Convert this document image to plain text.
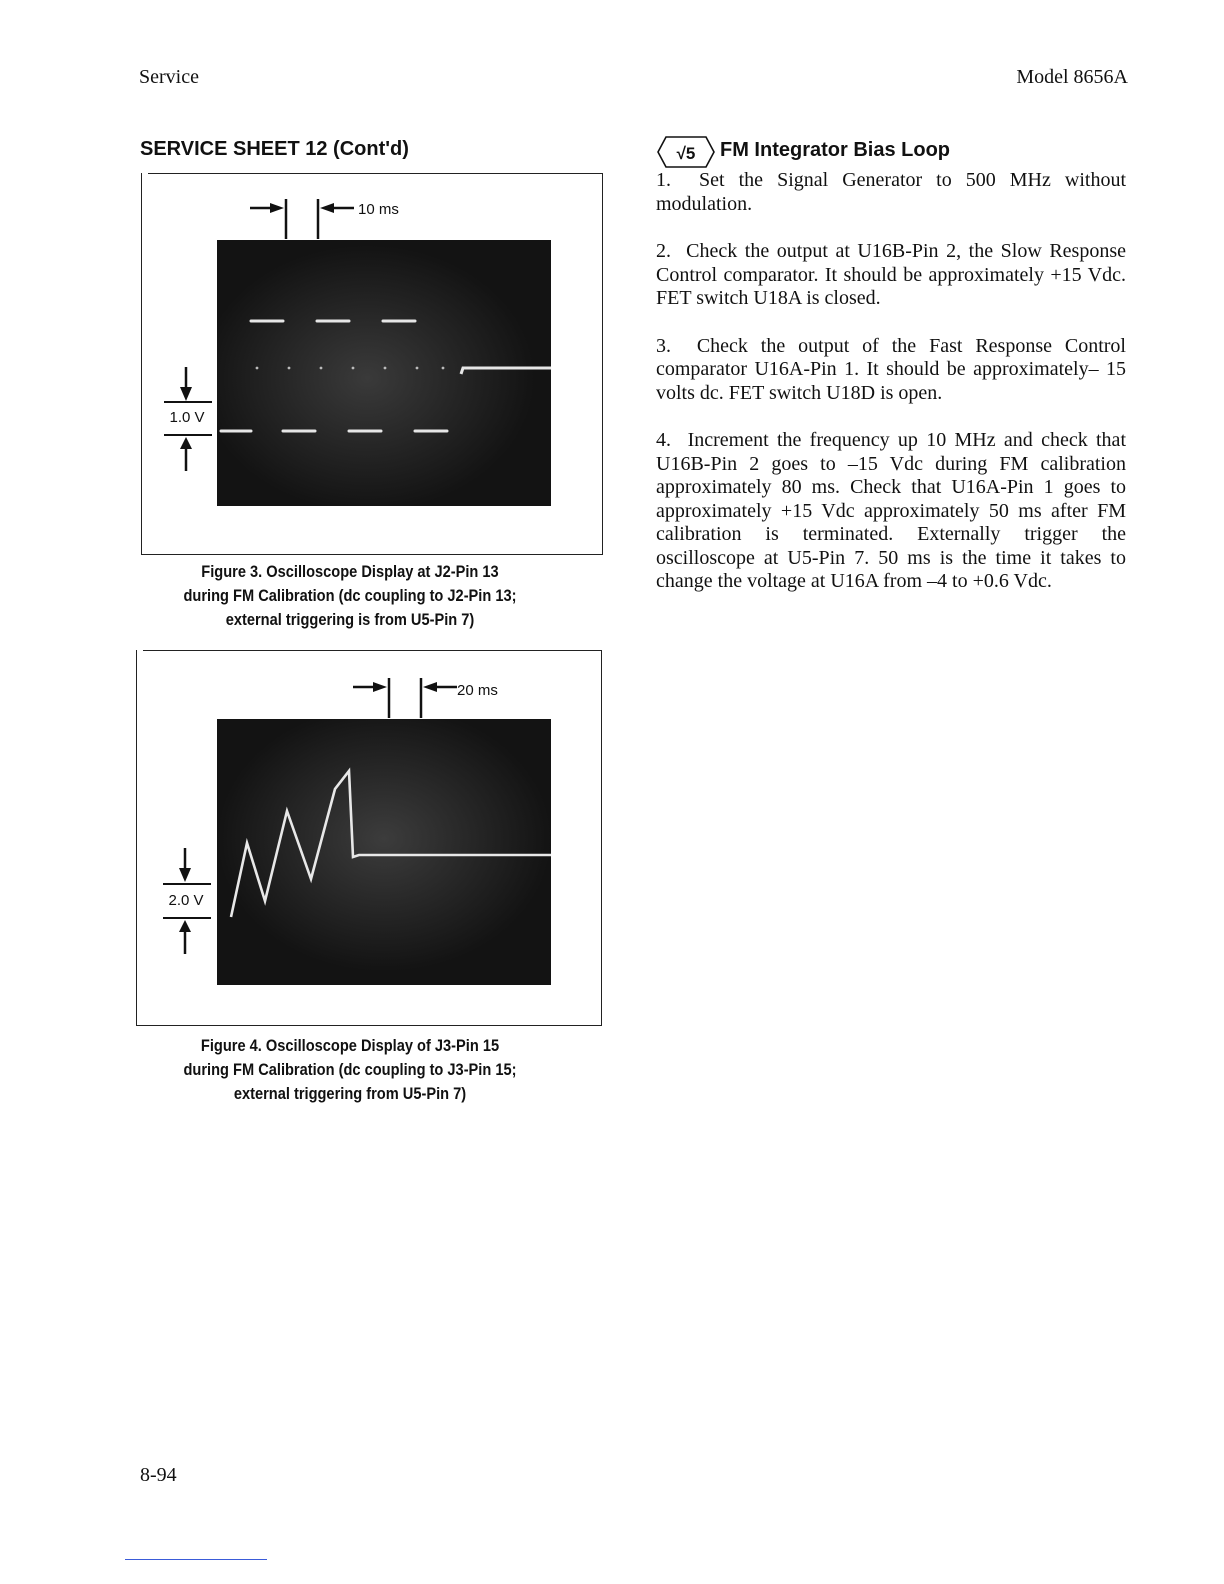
Service	Model 8656A
SERVICE SHEET 12 (Cont'd)
10 ms
1.0 V
Figure 3. Oscilloscope Display at J2-Pin 13
during FM Calibration (dc coupling to J2-Pin 13;
external triggering is from U5-Pin 7)
20 ms
2.0 V
Figure 4. Oscilloscope Display of J3-Pin 15
during FM Calibration (dc coupling to J3-Pin 15;
external triggering from U5-Pin 7)
√5 FM Integrator Bias Loop

1. Set the Signal Generator to 500 MHz without modulation.

2. Check the output at U16B-Pin 2, the Slow Response Control comparator. It should be approximately +15 Vdc. FET switch U18A is closed.

3. Check the output of the Fast Response Control comparator U16A-Pin 1. It should be approximately– 15 volts dc. FET switch U18D is open.

4. Increment the frequency up 10 MHz and check that U16B-Pin 2 goes to –15 Vdc during FM calibration approximately 80 ms. Check that U16A-Pin 1 goes to approximately +15 Vdc approximately 50 ms after FM calibration is terminated. Externally trigger the oscilloscope at U5-Pin 7. 50 ms is the time it takes to change the voltage at U16A from –4 to +0.6 Vdc.

8-94
